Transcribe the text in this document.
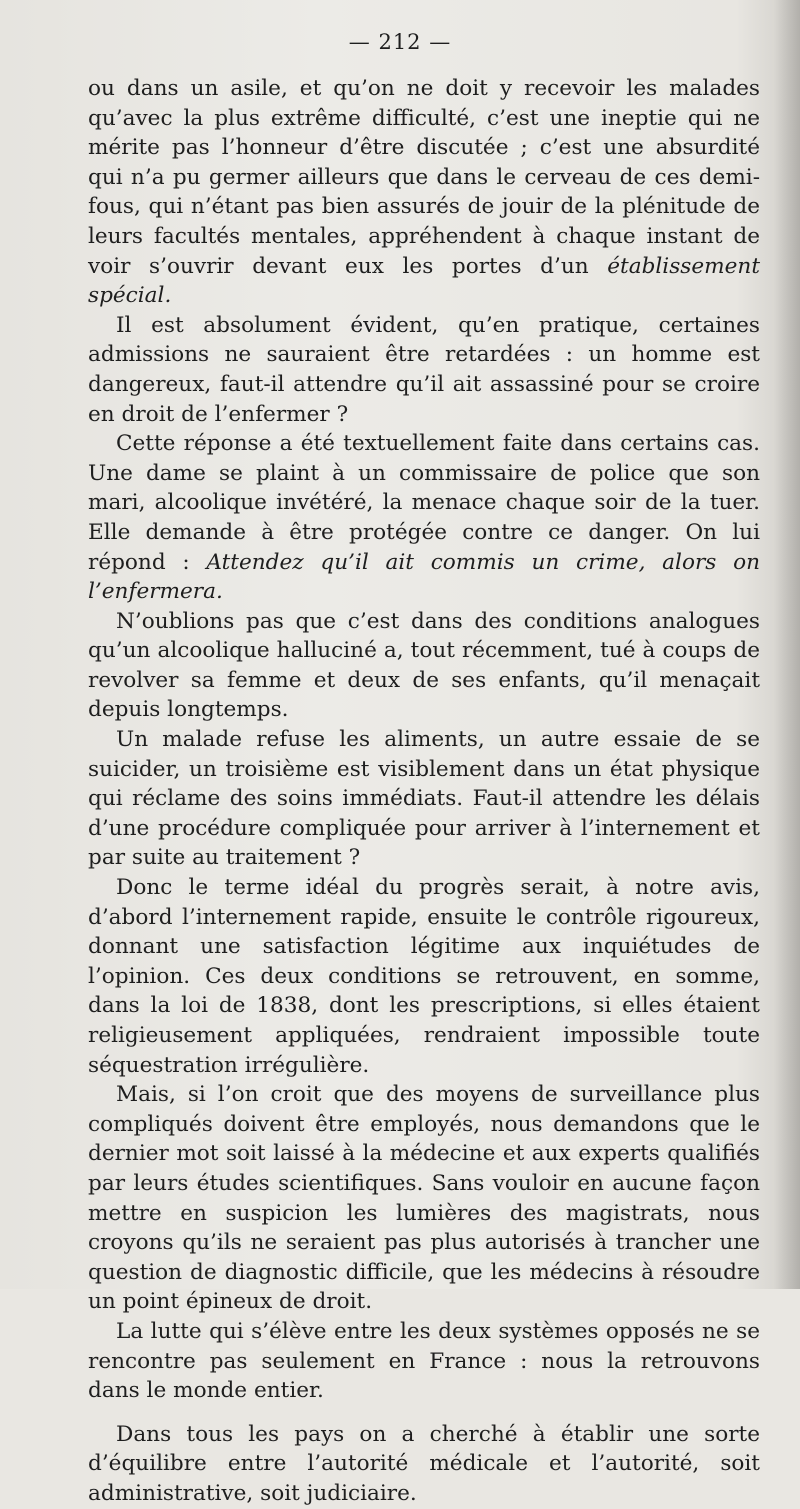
— 212 —

ou dans un asile, et qu’on ne doit y recevoir les malades qu’avec la plus extrême difficulté, c’est une ineptie qui ne mérite pas l’honneur d’être discutée ; c’est une absurdité qui n’a pu germer ailleurs que dans le cerveau de ces demi-fous, qui n’étant pas bien assurés de jouir de la plénitude de leurs facultés mentales, appréhendent à chaque instant de voir s’ouvrir devant eux les portes d’un établissement spécial.

Il est absolument évident, qu’en pratique, certaines admissions ne sauraient être retardées : un homme est dangereux, faut-il attendre qu’il ait assassiné pour se croire en droit de l’enfermer ?

Cette réponse a été textuellement faite dans certains cas. Une dame se plaint à un commissaire de police que son mari, alcoolique invétéré, la menace chaque soir de la tuer. Elle demande à être protégée contre ce danger. On lui répond : Attendez qu’il ait commis un crime, alors on l’enfermera.

N’oublions pas que c’est dans des conditions analogues qu’un alcoolique halluciné a, tout récemment, tué à coups de revolver sa femme et deux de ses enfants, qu’il menaçait depuis longtemps.

Un malade refuse les aliments, un autre essaie de se suicider, un troisième est visiblement dans un état physique qui réclame des soins immédiats. Faut-il attendre les délais d’une procédure compliquée pour arriver à l’internement et par suite au traitement ?

Donc le terme idéal du progrès serait, à notre avis, d’abord l’internement rapide, ensuite le contrôle rigoureux, donnant une satisfaction légitime aux inquiétudes de l’opinion. Ces deux conditions se retrouvent, en somme, dans la loi de 1838, dont les prescriptions, si elles étaient religieusement appliquées, rendraient impossible toute séquestration irrégulière.

Mais, si l’on croit que des moyens de surveillance plus compliqués doivent être employés, nous demandons que le dernier mot soit laissé à la médecine et aux experts qualifiés par leurs études scientifiques. Sans vouloir en aucune façon mettre en suspicion les lumières des magistrats, nous croyons qu’ils ne seraient pas plus autorisés à trancher une question de diagnostic difficile, que les médecins à résoudre un point épineux de droit.

La lutte qui s’élève entre les deux systèmes opposés ne se rencontre pas seulement en France : nous la retrouvons dans le monde entier.

Dans tous les pays on a cherché à établir une sorte d’équilibre entre l’autorité médicale et l’autorité, soit administrative, soit judiciaire.
